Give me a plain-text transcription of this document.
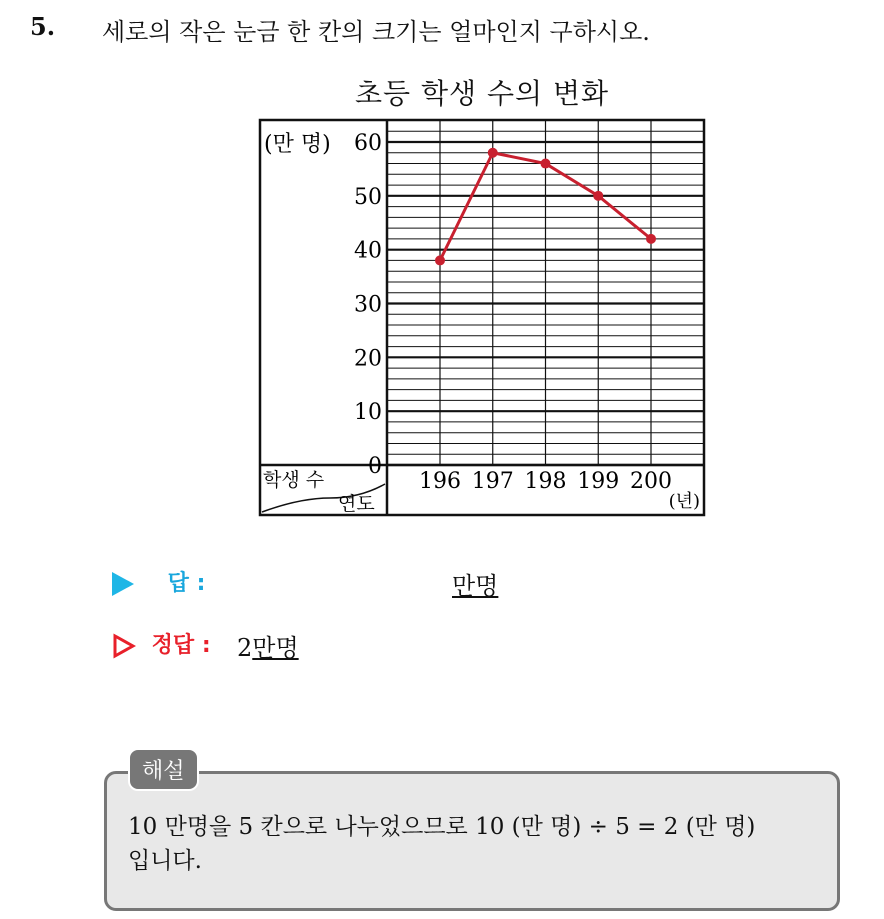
5. 세로의 작은 눈금 한 칸의 크기는 얼마인지 구하시오.
초등 학생 수의 변화
(만 명)
0
10
20
30
40
50
60
196 197 198 199 200
(년)
학생 수
연도
답 :	만명
정답 : 2만명
해설
10 만명을 5 칸으로 나누었으므로 10 (만 명) ÷ 5 = 2 (만 명)
입니다.
